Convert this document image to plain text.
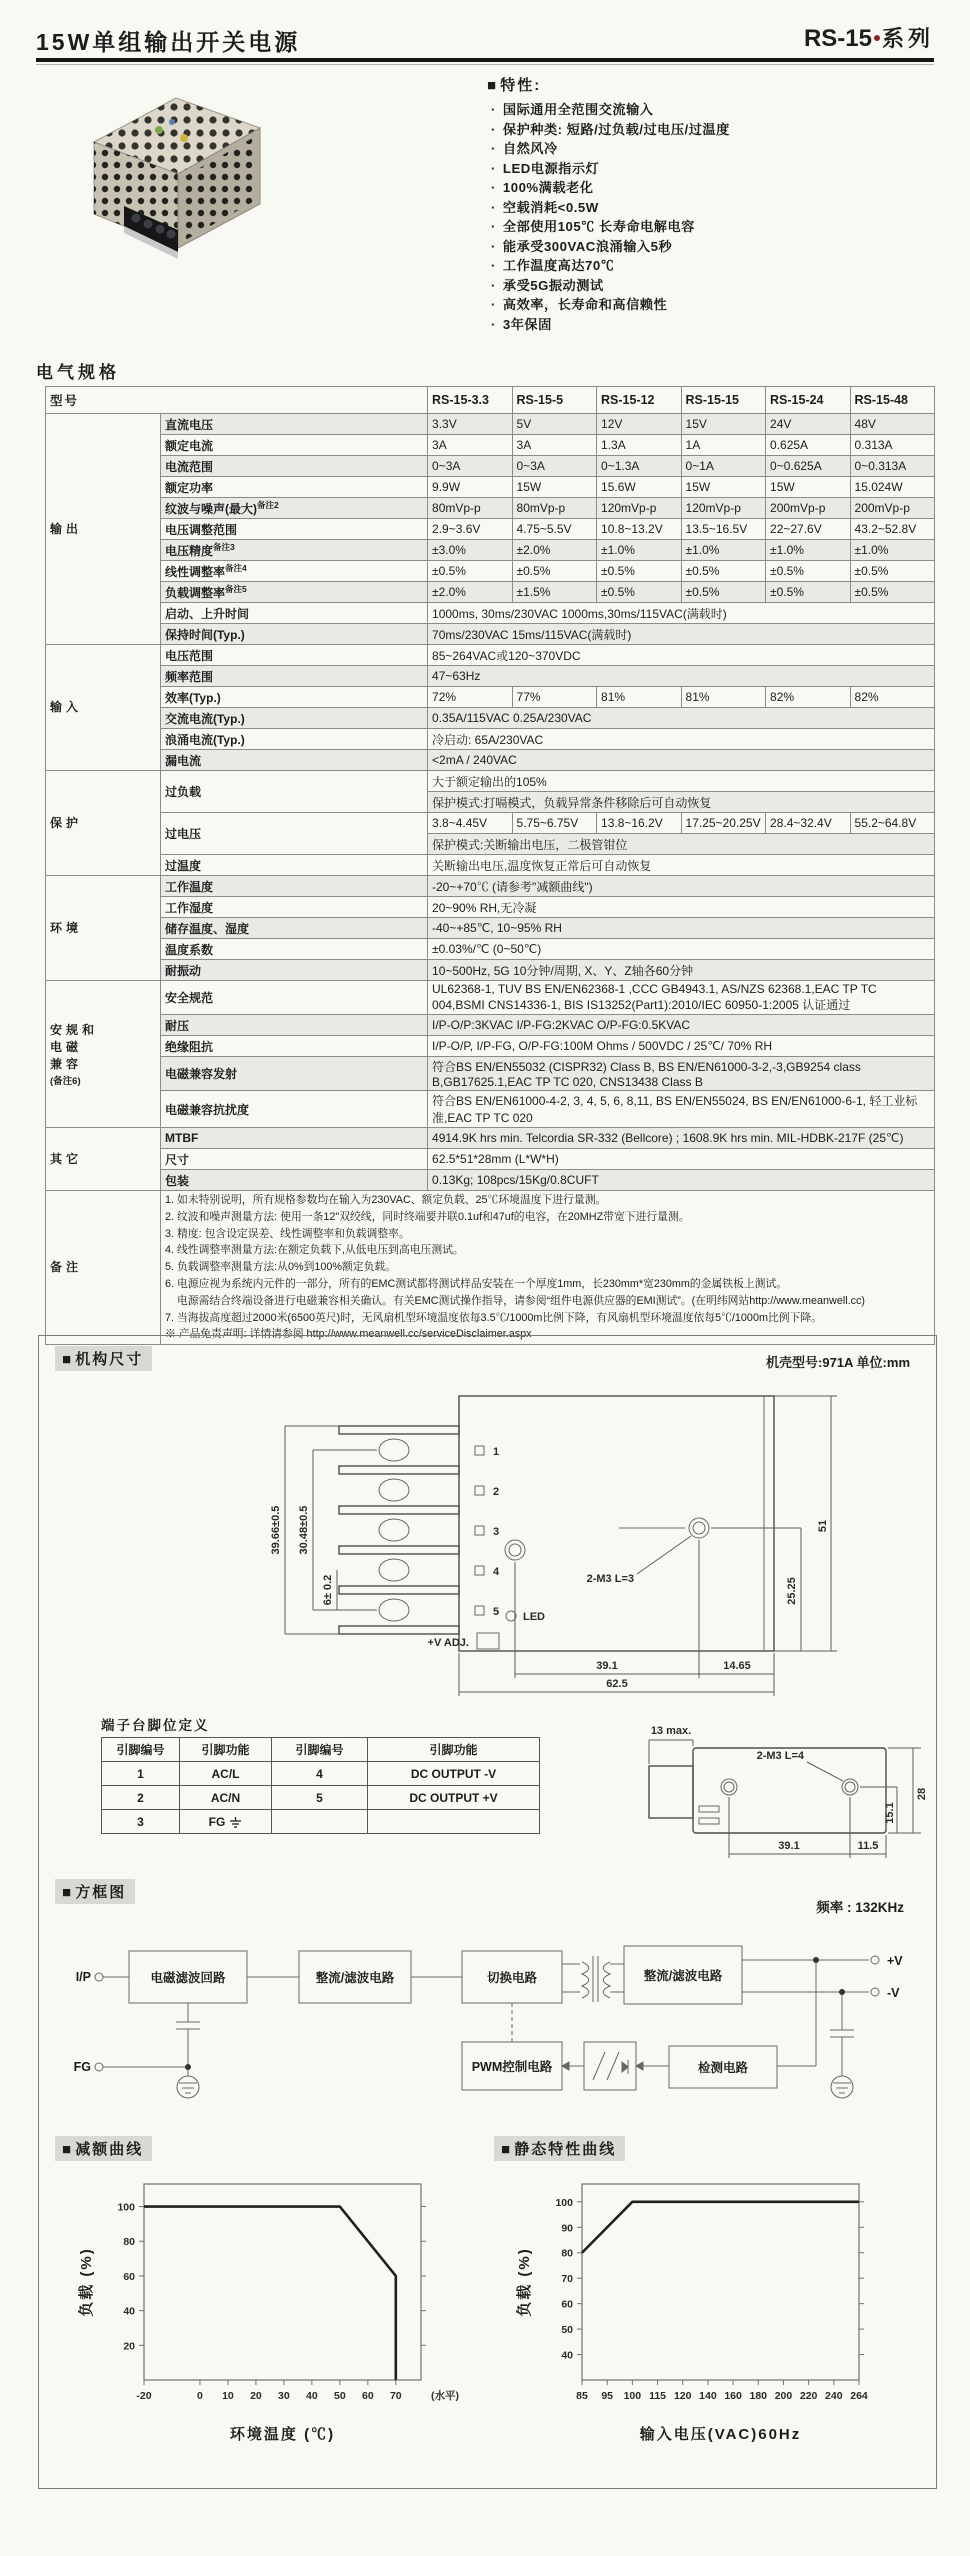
15W单组输出开关电源	RS-15 系列
■ 特性:
· 国际通用全范围交流输入
· 保护种类: 短路/过负载/过电压/过温度
· 自然风冷
· LED电源指示灯
· 100%满载老化
· 空载消耗<0.5W
· 全部使用105℃ 长寿命电解电容
· 能承受300VAC浪涌输入5秒
· 工作温度高达70℃
· 承受5G振动测试
· 高效率，长寿命和高信赖性
· 3年保固
电气规格
型号		RS-15-3.3	RS-15-5	RS-15-12	RS-15-15	RS-15-24	RS-15-48

输出	直流电压	3.3V	5V	12V	15V	24V	48V
	额定电流	3A	3A	1.3A	1A	0.625A	0.313A
	电流范围	0~3A	0~3A	0~1.3A	0~1A	0~0.625A	0~0.313A
	额定功率	9.9W	15W	15.6W	15W	15W	15.024W
	纹波与噪声(最大)$^{备注2}$	80mVp-p	80mVp-p	120mVp-p	120mVp-p	200mVp-p	200mVp-p
	电压调整范围	2.9~3.6V	4.75~5.5V	10.8~13.2V	13.5~16.5V	22~27.6V	43.2~52.8V
	电压精度$^{备注3}$	±3.0%	±2.0%	±1.0%	±1.0%	±1.0%	±1.0%
	线性调整率$^{备注4}$	±0.5%	±0.5%	±0.5%	±0.5%	±0.5%	±0.5%
	负载调整率$^{备注5}$	±2.0%	±1.5%	±0.5%	±0.5%	±0.5%	±0.5%
	启动、上升时间	1000ms, 30ms/230VAC 1000ms,30ms/115VAC(满载时)					
	保持时间(Typ.)	70ms/230VAC 15ms/115VAC(满载时)					

输入	电压范围	85~264VAC或120~370VDC					
	频率范围	47~63Hz					
	效率(Typ.)	72%	77%	81%	81%	82%	82%
	交流电流(Typ.)	0.35A/115VAC 0.25A/230VAC					
	浪涌电流(Typ.)	冷启动: 65A/230VAC					
	漏电流	<2mA / 240VAC					

保护	过负载	大于额定输出的105%					
		保护模式:打嗝模式，负载异常条件移除后可自动恢复					
	过电压	3.8~4.45V	5.75~6.75V	13.8~16.2V	17.25~20.25V	28.4~32.4V	55.2~64.8V
		保护模式:关断输出电压，二极管钳位					
	过温度	关断输出电压,温度恢复正常后可自动恢复					

环境	工作温度	-20~+70℃ (请参考"减额曲线")					
	工作湿度	20~90% RH,无冷凝					
	储存温度、湿度	-40~+85℃, 10~95% RH					
	温度系数	±0.03%/℃ (0~50℃)					
	耐振动	10~500Hz, 5G 10分钟/周期, X、Y、Z轴各60分钟					

安规和
电磁
兼容
(备注6)	安全规范	UL62368-1, TUV BS EN/EN62368-1 ,CCC GB4943.1, AS/NZS 62368.1,EAC TP TC 004,BSMI CNS14336-1, BIS IS13252(Part1):2010/IEC 60950-1:2005 认证通过					
	耐压	I/P-O/P:3KVAC I/P-FG:2KVAC O/P-FG:0.5KVAC					
	绝缘阻抗	I/P-O/P, I/P-FG, O/P-FG:100M Ohms / 500VDC / 25℃/ 70% RH					
	电磁兼容发射	符合BS EN/EN55032 (CISPR32) Class B, BS EN/EN61000-3-2,-3,GB9254 class B,GB17625.1,EAC TP TC 020, CNS13438 Class B					
	电磁兼容抗扰度	符合BS EN/EN61000-4-2, 3, 4, 5, 6, 8,11, BS EN/EN55024, BS EN/EN61000-6-1, 轻工业标准,EAC TP TC 020					

其它	MTBF	4914.9K hrs min. Telcordia SR-332 (Bellcore) ; 1608.9K hrs min. MIL-HDBK-217F (25℃)					
	尺寸	62.5*51*28mm (L*W*H)					
	包装	0.13Kg; 108pcs/15Kg/0.8CUFT					

备注

1. 如未特别说明，所有规格参数均在输入为230VAC、额定负载、25℃环境温度下进行量测。
2. 纹波和噪声测量方法: 使用一条12"双绞线，同时终端要并联0.1uf和47uf的电容，在20MHZ带宽下进行量测。
3. 精度: 包含设定误差、线性调整率和负载调整率。
4. 线性调整率测量方法:在额定负载下,从低电压到高电压测试。
5. 负载调整率测量方法:从0%到100%额定负载。
6. 电源应视为系统内元件的一部分，所有的EMC测试都将测试样品安装在一个厚度1mm，长230mm*宽230mm的金属铁板上测试。
电源需结合终端设备进行电磁兼容相关确认。有关EMC测试操作指导，请参阅“组件电源供应器的EMI测试”。(在明纬网站http://www.meanwell.cc)
7. 当海拔高度超过2000米(6500英尺)时，无风扇机型环境温度依每3.5℃/1000m比例下降，有风扇机型环境温度依每5℃/1000m比例下降。
※ 产品免责声明: 详情请参阅 http://www.meanwell.cc/serviceDisclaimer.aspx
■ 机构尺寸	机壳型号:971A 单位:mm
1
2
3
4
5 LED
+V ADJ.
39.66±0.5 30.48±0.5
6± 0.2	25.25
51
2-M3 L=3
39.1	14.65
62.5
端子台脚位定义
引脚编号	引脚功能	引脚编号	引脚功能
1	AC/L	4	DC OUTPUT -V
2	AC/N	5	DC OUTPUT +V
3	FG		
13 max.
2-M3 L=4
28
15.1
39.1	11.5
■ 方框图
频率 : 132KHz
I/P
FG
+V
-V
电磁滤波回路	整流/滤波电路	切换电路	整流/滤波电路
PWM控制电路	检测电路
■ 减额曲线	■ 静态特性曲线
20
40
60
80
100
-20	0 10 20 30 40 50 60 70	(水平)
负载 (%)
环境温度 (℃)
40
50
60
70
80
90
100
85 95 100 115 120 140 160 180 200 220 240 264
负载 (%)
输入电压(VAC)60Hz
